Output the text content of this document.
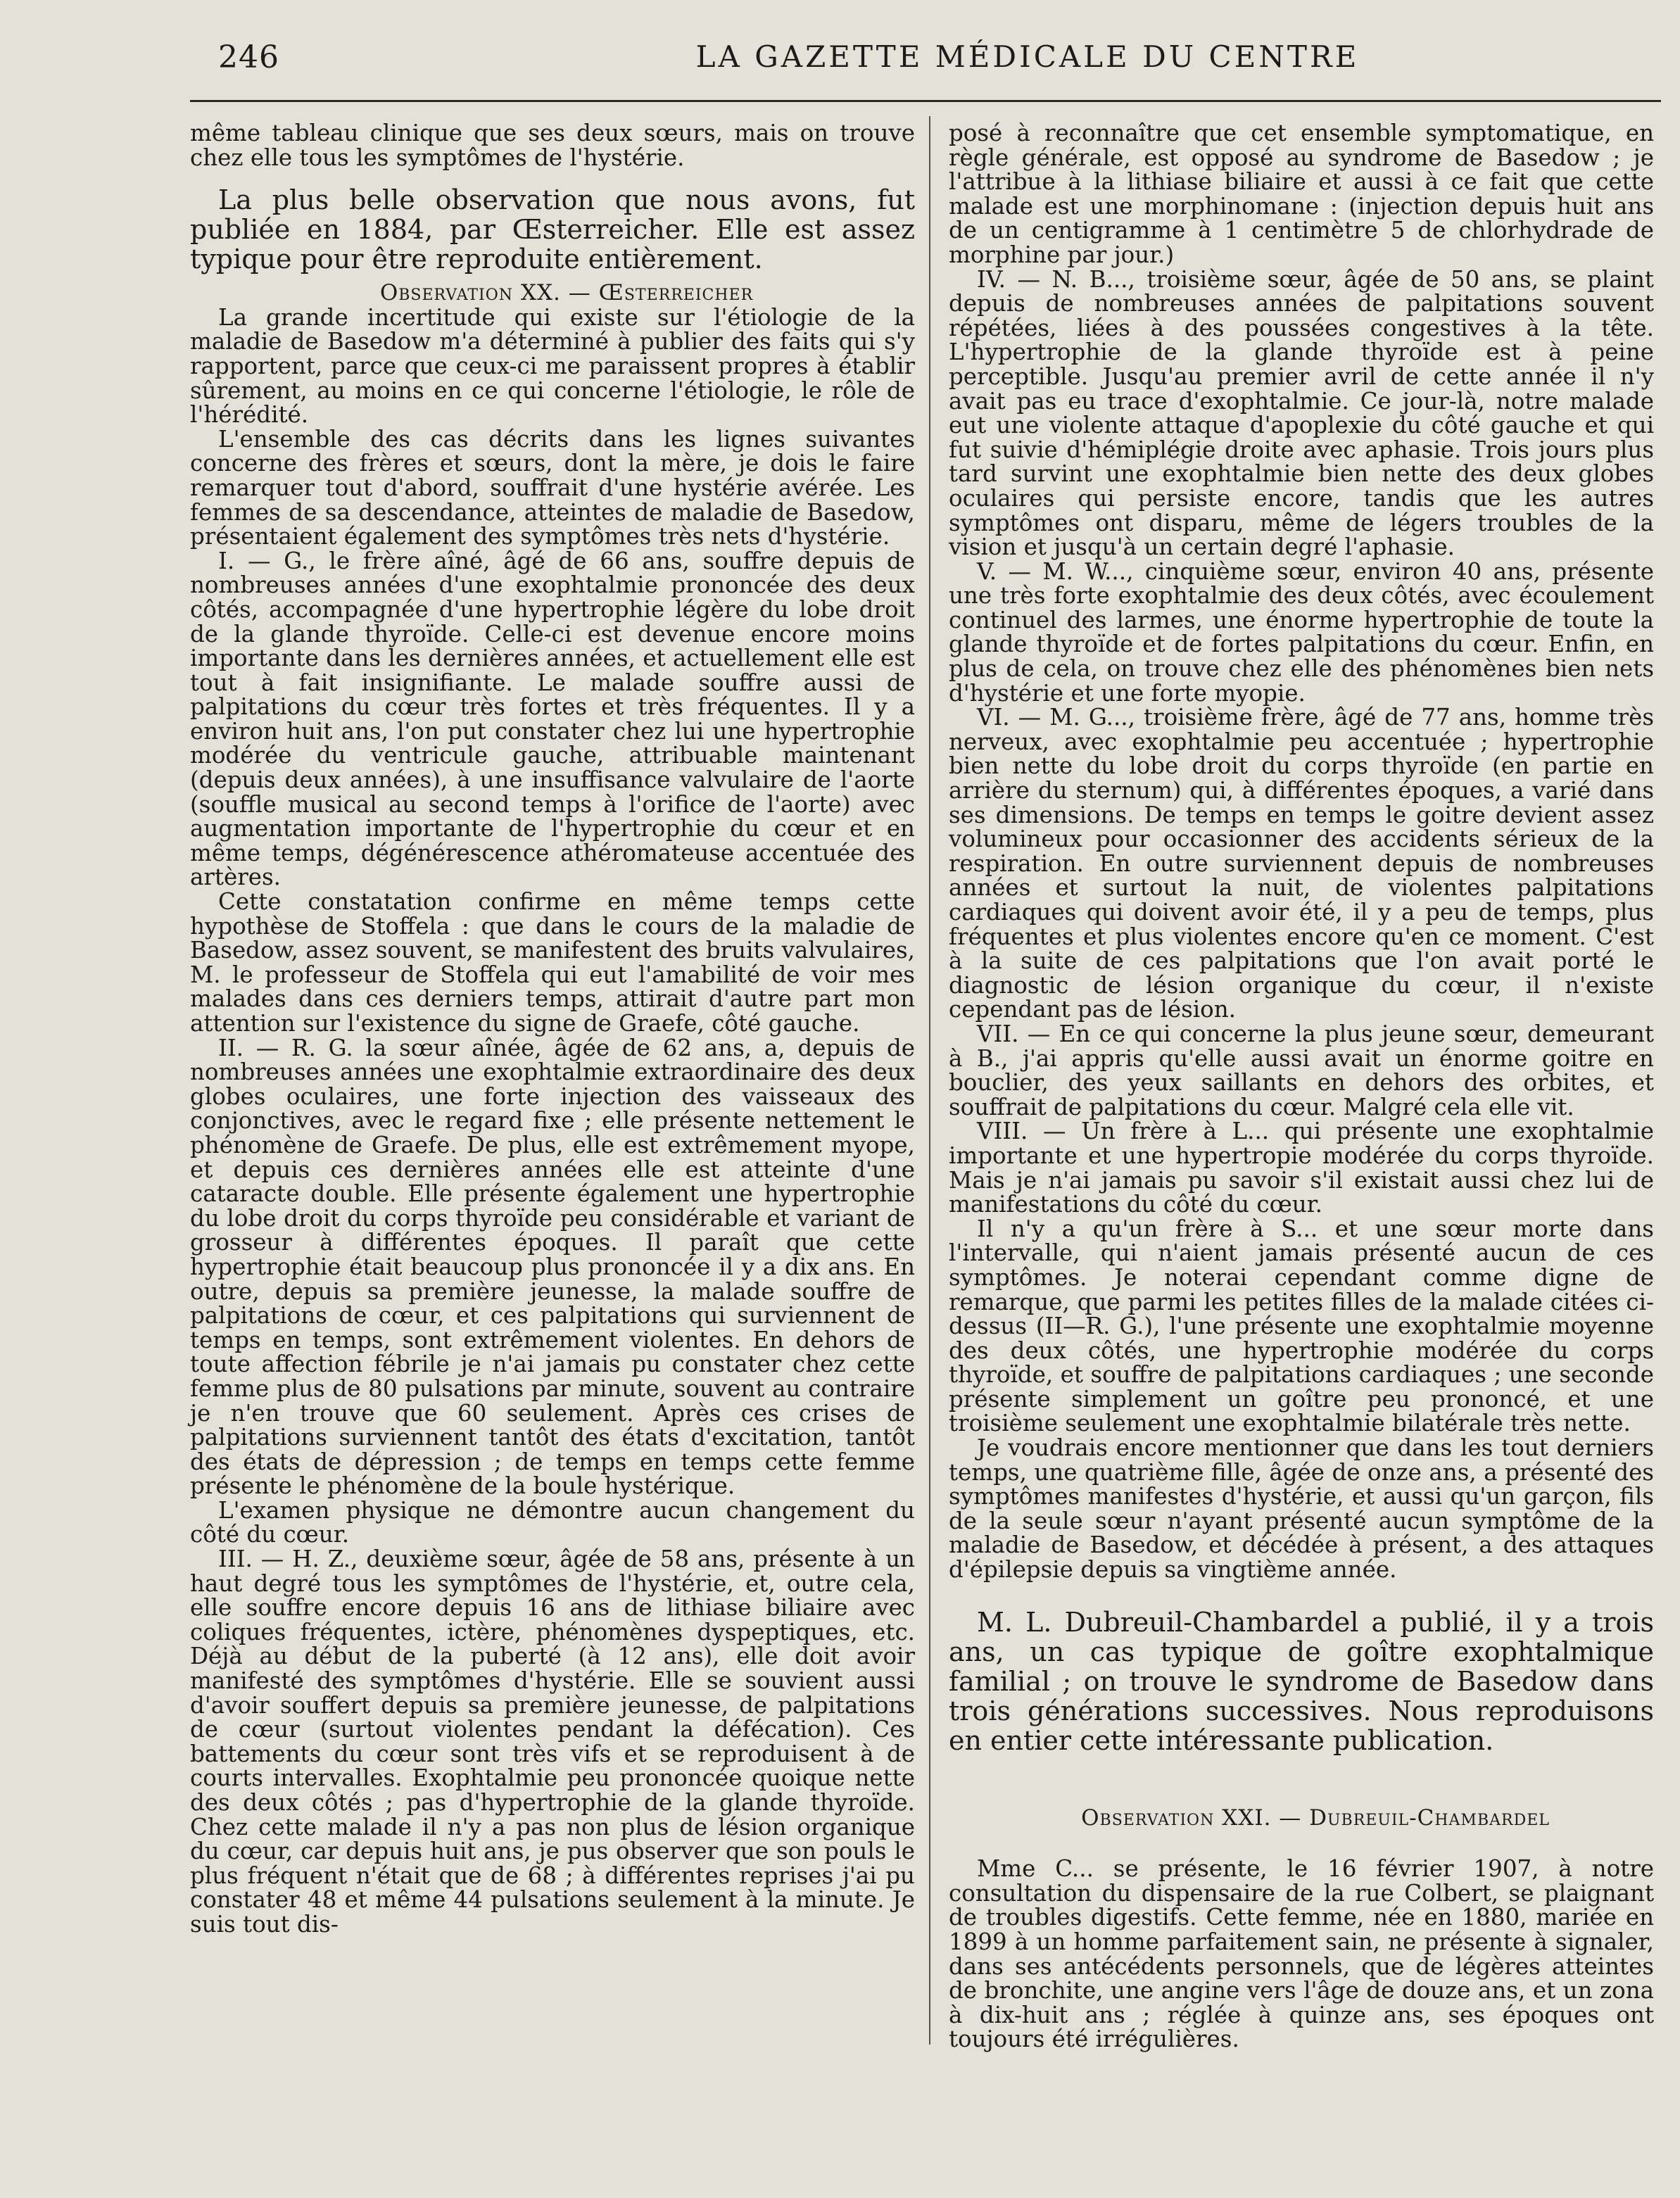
246	LA GAZETTE MÉDICALE DU CENTRE

même tableau clinique que ses deux sœurs, mais on trouve chez elle tous les symptômes de l'hystérie.

La plus belle observation que nous avons, fut publiée en 1884, par Œsterreicher. Elle est assez typique pour être reproduite entièrement.

Observation XX. — Œsterreicher

La grande incertitude qui existe sur l'étiologie de la maladie de Basedow m'a déterminé à publier des faits qui s'y rapportent, parce que ceux-ci me paraissent propres à établir sûrement, au moins en ce qui concerne l'étiologie, le rôle de l'hérédité.

L'ensemble des cas décrits dans les lignes suivantes concerne des frères et sœurs, dont la mère, je dois le faire remarquer tout d'abord, souffrait d'une hystérie avérée. Les femmes de sa descendance, atteintes de maladie de Basedow, présentaient également des symptômes très nets d'hystérie.

I. — G., le frère aîné, âgé de 66 ans, souffre depuis de nombreuses années d'une exophtalmie prononcée des deux côtés, accompagnée d'une hypertrophie légère du lobe droit de la glande thyroïde. Celle-ci est devenue encore moins importante dans les dernières années, et actuellement elle est tout à fait insignifiante. Le malade souffre aussi de palpitations du cœur très fortes et très fréquentes. Il y a environ huit ans, l'on put constater chez lui une hypertrophie modérée du ventricule gauche, attribuable maintenant (depuis deux années), à une insuffisance valvulaire de l'aorte (souffle musical au second temps à l'orifice de l'aorte) avec augmentation importante de l'hypertrophie du cœur et en même temps, dégénérescence athéromateuse accentuée des artères.

Cette constatation confirme en même temps cette hypothèse de Stoffela : que dans le cours de la maladie de Basedow, assez souvent, se manifestent des bruits valvulaires, M. le professeur de Stoffela qui eut l'amabilité de voir mes malades dans ces derniers temps, attirait d'autre part mon attention sur l'existence du signe de Graefe, côté gauche.

II. — R. G. la sœur aînée, âgée de 62 ans, a, depuis de nombreuses années une exophtalmie extraordinaire des deux globes oculaires, une forte injection des vaisseaux des conjonctives, avec le regard fixe ; elle présente nettement le phénomène de Graefe. De plus, elle est extrêmement myope, et depuis ces dernières années elle est atteinte d'une cataracte double. Elle présente également une hypertrophie du lobe droit du corps thyroïde peu considérable et variant de grosseur à différentes époques. Il paraît que cette hypertrophie était beaucoup plus prononcée il y a dix ans. En outre, depuis sa première jeunesse, la malade souffre de palpitations de cœur, et ces palpitations qui surviennent de temps en temps, sont extrêmement violentes. En dehors de toute affection fébrile je n'ai jamais pu constater chez cette femme plus de 80 pulsations par minute, souvent au contraire je n'en trouve que 60 seulement. Après ces crises de palpitations surviennent tantôt des états d'excitation, tantôt des états de dépression ; de temps en temps cette femme présente le phénomène de la boule hystérique.

L'examen physique ne démontre aucun changement du côté du cœur.

III. — H. Z., deuxième sœur, âgée de 58 ans, présente à un haut degré tous les symptômes de l'hystérie, et, outre cela, elle souffre encore depuis 16 ans de lithiase biliaire avec coliques fréquentes, ictère, phénomènes dyspeptiques, etc. Déjà au début de la puberté (à 12 ans), elle doit avoir manifesté des symptômes d'hystérie. Elle se souvient aussi d'avoir souffert depuis sa première jeunesse, de palpitations de cœur (surtout violentes pendant la défécation). Ces battements du cœur sont très vifs et se reproduisent à de courts intervalles. Exophtalmie peu prononcée quoique nette des deux côtés ; pas d'hypertrophie de la glande thyroïde. Chez cette malade il n'y a pas non plus de lésion organique du cœur, car depuis huit ans, je pus observer que son pouls le plus fréquent n'était que de 68 ; à différentes reprises j'ai pu constater 48 et même 44 pulsations seulement à la minute. Je suis tout dis-

posé à reconnaître que cet ensemble symptomatique, en règle générale, est opposé au syndrome de Basedow ; je l'attribue à la lithiase biliaire et aussi à ce fait que cette malade est une morphinomane : (injection depuis huit ans de un centigramme à 1 centimètre 5 de chlorhydrade de morphine par jour.)

IV. — N. B..., troisième sœur, âgée de 50 ans, se plaint depuis de nombreuses années de palpitations souvent répétées, liées à des poussées congestives à la tête. L'hypertrophie de la glande thyroïde est à peine perceptible. Jusqu'au premier avril de cette année il n'y avait pas eu trace d'exophtalmie. Ce jour-là, notre malade eut une violente attaque d'apoplexie du côté gauche et qui fut suivie d'hémiplégie droite avec aphasie. Trois jours plus tard survint une exophtalmie bien nette des deux globes oculaires qui persiste encore, tandis que les autres symptômes ont disparu, même de légers troubles de la vision et jusqu'à un certain degré l'aphasie.

V. — M. W..., cinquième sœur, environ 40 ans, présente une très forte exophtalmie des deux côtés, avec écoulement continuel des larmes, une énorme hypertrophie de toute la glande thyroïde et de fortes palpitations du cœur. Enfin, en plus de cela, on trouve chez elle des phénomènes bien nets d'hystérie et une forte myopie.

VI. — M. G..., troisième frère, âgé de 77 ans, homme très nerveux, avec exophtalmie peu accentuée ; hypertrophie bien nette du lobe droit du corps thyroïde (en partie en arrière du sternum) qui, à différentes époques, a varié dans ses dimensions. De temps en temps le goitre devient assez volumineux pour occasionner des accidents sérieux de la respiration. En outre surviennent depuis de nombreuses années et surtout la nuit, de violentes palpitations cardiaques qui doivent avoir été, il y a peu de temps, plus fréquentes et plus violentes encore qu'en ce moment. C'est à la suite de ces palpitations que l'on avait porté le diagnostic de lésion organique du cœur, il n'existe cependant pas de lésion.

VII. — En ce qui concerne la plus jeune sœur, demeurant à B., j'ai appris qu'elle aussi avait un énorme goitre en bouclier, des yeux saillants en dehors des orbites, et souffrait de palpitations du cœur. Malgré cela elle vit.

VIII. — Un frère à L... qui présente une exophtalmie importante et une hypertropie modérée du corps thyroïde. Mais je n'ai jamais pu savoir s'il existait aussi chez lui de manifestations du côté du cœur.

Il n'y a qu'un frère à S... et une sœur morte dans l'intervalle, qui n'aient jamais présenté aucun de ces symptômes. Je noterai cependant comme digne de remarque, que parmi les petites filles de la malade citées ci-dessus (II—R. G.), l'une présente une exophtalmie moyenne des deux côtés, une hypertrophie modérée du corps thyroïde, et souffre de palpitations cardiaques ; une seconde présente simplement un goître peu prononcé, et une troisième seulement une exophtalmie bilatérale très nette.

Je voudrais encore mentionner que dans les tout derniers temps, une quatrième fille, âgée de onze ans, a présenté des symptômes manifestes d'hystérie, et aussi qu'un garçon, fils de la seule sœur n'ayant présenté aucun symptôme de la maladie de Basedow, et décédée à présent, a des attaques d'épilepsie depuis sa vingtième année.

M. L. Dubreuil-Chambardel a publié, il y a trois ans, un cas typique de goître exophtalmique familial ; on trouve le syndrome de Basedow dans trois générations successives. Nous reproduisons en entier cette intéressante publication.

Observation XXI. — Dubreuil-Chambardel

Mme C... se présente, le 16 février 1907, à notre consultation du dispensaire de la rue Colbert, se plaignant de troubles digestifs. Cette femme, née en 1880, mariée en 1899 à un homme parfaitement sain, ne présente à signaler, dans ses antécédents personnels, que de légères atteintes de bronchite, une angine vers l'âge de douze ans, et un zona à dix-huit ans ; réglée à quinze ans, ses époques ont toujours été irrégulières.
